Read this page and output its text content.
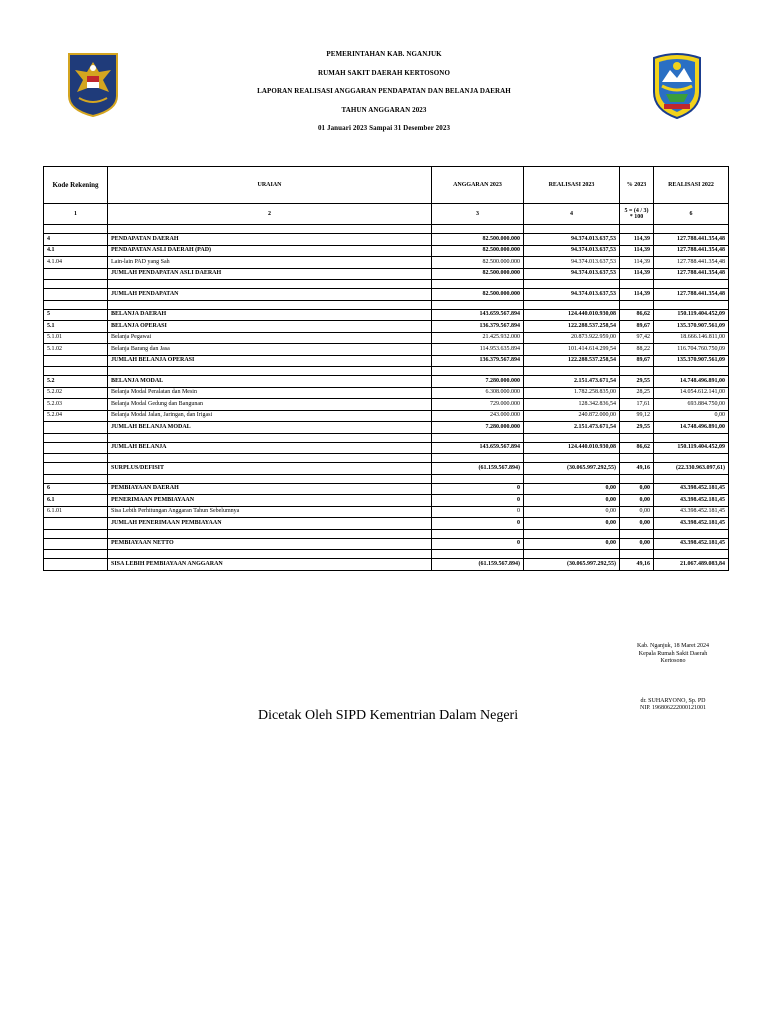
PEMERINTAHAN KAB. NGANJUK
RUMAH SAKIT DAERAH KERTOSONO
LAPORAN REALISASI ANGGARAN PENDAPATAN DAN BELANJA DAERAH
TAHUN ANGGARAN 2023
01 Januari 2023 Sampai 31 Desember 2023
Kode Rekening	URAIAN	ANGGARAN 2023	REALISASI 2023	% 2023	REALISASI 2022
1	2	3	4	5 = (4 / 3) * 100	6

4	PENDAPATAN DAERAH	82.500.000.000	94.374.013.637,53	114,39	127.788.441.354,48
4.1	PENDAPATAN ASLI DAERAH (PAD)	82.500.000.000	94.374.013.637,53	114,39	127.788.441.354,48
4.1.04	Lain-lain PAD yang Sah	82.500.000.000	94.374.013.637,53	114,39	127.788.441.354,48
	JUMLAH PENDAPATAN ASLI DAERAH	82.500.000.000	94.374.013.637,53	114,39	127.788.441.354,48

	JUMLAH PENDAPATAN	82.500.000.000	94.374.013.637,53	114,39	127.788.441.354,48

5	BELANJA DAERAH	143.659.567.894	124.440.010.930,08	86,62	150.119.404.452,09
5.1	BELANJA OPERASI	136.379.567.894	122.288.537.258,54	89,67	135.370.907.561,09
5.1.01	Belanja Pegawai	21.425.932.000	20.873.922.959,00	97,42	18.666.146.811,00
5.1.02	Belanja Barang dan Jasa	114.953.635.894	101.414.614.299,54	88,22	116.704.760.750,09
	JUMLAH BELANJA OPERASI	136.379.567.894	122.288.537.258,54	89,67	135.370.907.561,09

5.2	BELANJA MODAL	7.280.000.000	2.151.473.671,54	29,55	14.748.496.891,00
5.2.02	Belanja Modal Peralatan dan Mesin	6.308.000.000	1.782.258.835,00	28,25	14.054.612.141,00
5.2.03	Belanja Modal Gedung dan Bangunan	729.000.000	128.342.836,54	17,61	693.884.750,00
5.2.04	Belanja Modal Jalan, Jaringan, dan Irigasi	243.000.000	240.872.000,00	99,12	0,00
	JUMLAH BELANJA MODAL	7.280.000.000	2.151.473.671,54	29,55	14.748.496.891,00

	JUMLAH BELANJA	143.659.567.894	124.440.010.930,08	86,62	150.119.404.452,09

	SURPLUS/DEFISIT	(61.159.567.894)	(30.065.997.292,55)	49,16	(22.330.963.097,61)

6	PEMBIAYAAN DAERAH	0	0,00	0,00	43.398.452.181,45
6.1	PENERIMAAN PEMBIAYAAN	0	0,00	0,00	43.398.452.181,45
6.1.01	Sisa Lebih Perhitungan Anggaran Tahun Sebelumnya	0	0,00	0,00	43.398.452.181,45
	JUMLAH PENERIMAAN PEMBIAYAAN	0	0,00	0,00	43.398.452.181,45

	PEMBIAYAAN NETTO	0	0,00	0,00	43.398.452.181,45

	SISA LEBIH PEMBIAYAAN ANGGARAN	(61.159.567.894)	(30.065.997.292,55)	49,16	21.067.489.083,84
Kab. Nganjuk, 18 Maret 2024
Kepala Rumah Sakit Daerah
Kertosono
dr. SUHARYONO, Sp. PD
NIP. 196806222000121001
Dicetak Oleh SIPD Kementrian Dalam Negeri
